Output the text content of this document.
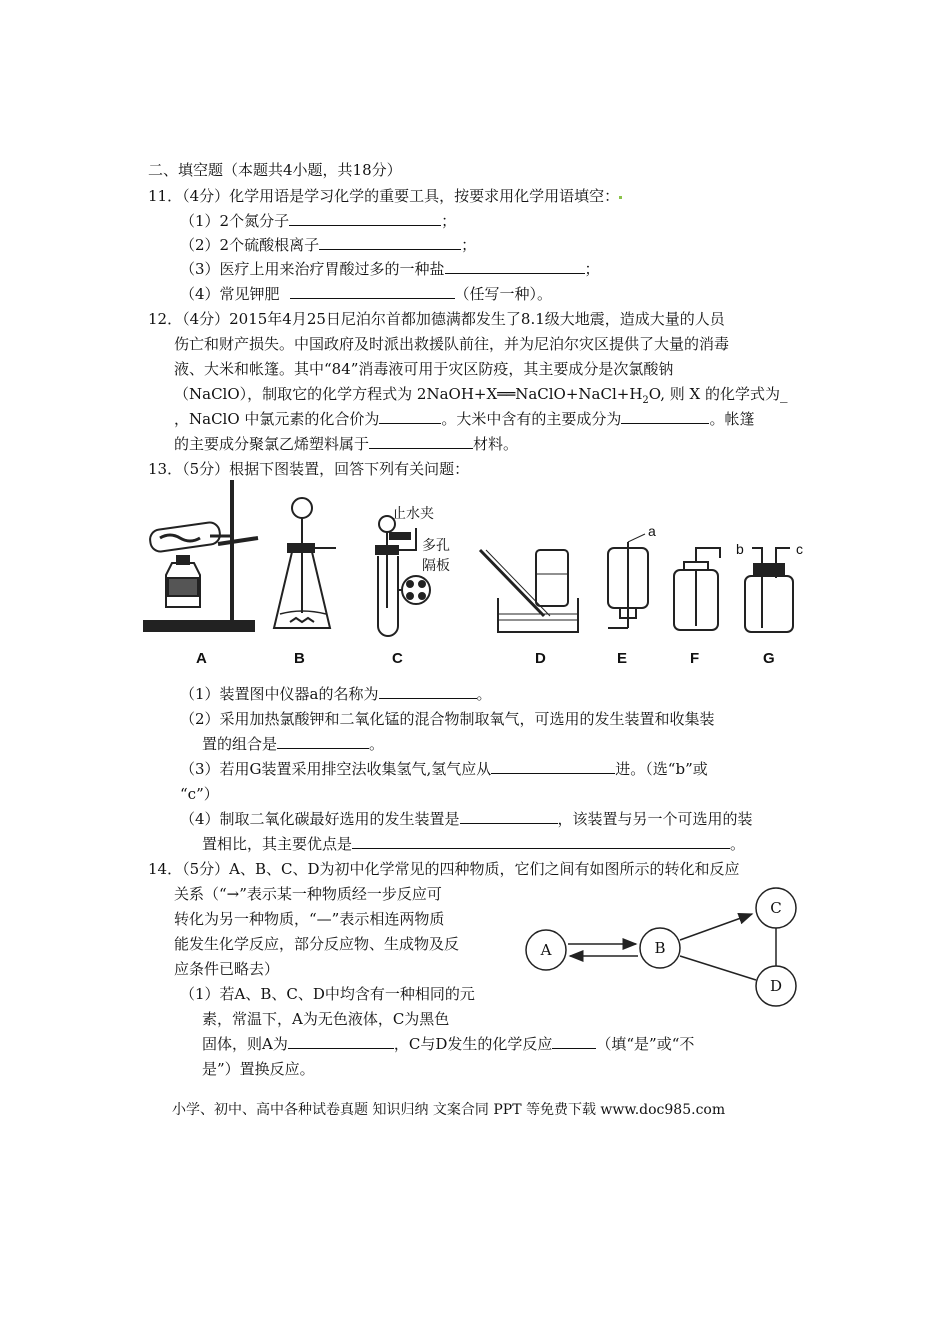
二、填空题（本题共4小题，共18分）
11．（4分）化学用语是学习化学的重要工具，按要求用化学用语填空：
（1）2个氮分子	；
（2）2个硫酸根离子	；
（3）医疗上用来治疗胃酸过多的一种盐	；
（4）常见钾肥	（任写一种）。
12．（4分）2015年4月25日尼泊尔首都加德满都发生了8.1级大地震，造成大量的人员
伤亡和财产损失。中国政府及时派出救援队前往，并为尼泊尔灾区提供了大量的消毒
液、大米和帐篷。其中“84”消毒液可用于灾区防疫，其主要成分是次氯酸钠
（NaClO），制取它的化学方程式为 $2NaOH+X══NaClO+NaCl+H_2O$, 则 X 的化学式为_
，NaClO 中氯元素的化合价为	。大米中含有的主要成分为	。帐篷
的主要成分聚氯乙烯塑料属于	材料。
13．（5分）根据下图装置，回答下列有关问题：
止水夹
多孔
隔板
a
b	c
A	B	C	D	E	F	G
（1）装置图中仪器a的名称为	。
（2）采用加热氯酸钾和二氧化锰的混合物制取氧气，可选用的发生装置和收集装
置的组合是	。
（3）若用G装置采用排空法收集氢气,氢气应从	进。（选“b”或
“c”）
（4）制取二氧化碳最好选用的发生装置是	，该装置与另一个可选用的装
置相比，其主要优点是	。
14．（5分）A、B、C、D为初中化学常见的四种物质，它们之间有如图所示的转化和反应
关系（“→”表示某一种物质经一步反应可
转化为另一种物质，“—”表示相连两物质
能发生化学反应，部分反应物、生成物及反
应条件已略去）
（1）若A、B、C、D中均含有一种相同的元
素，常温下，A为无色液体，C为黑色
固体，则A为	，C与D发生的化学反应	（填“是”或“不
是”）置换反应。
A	B
C
D
小学、初中、高中各种试卷真题 知识归纳 文案合同 PPT 等免费下载 www.doc985.com
